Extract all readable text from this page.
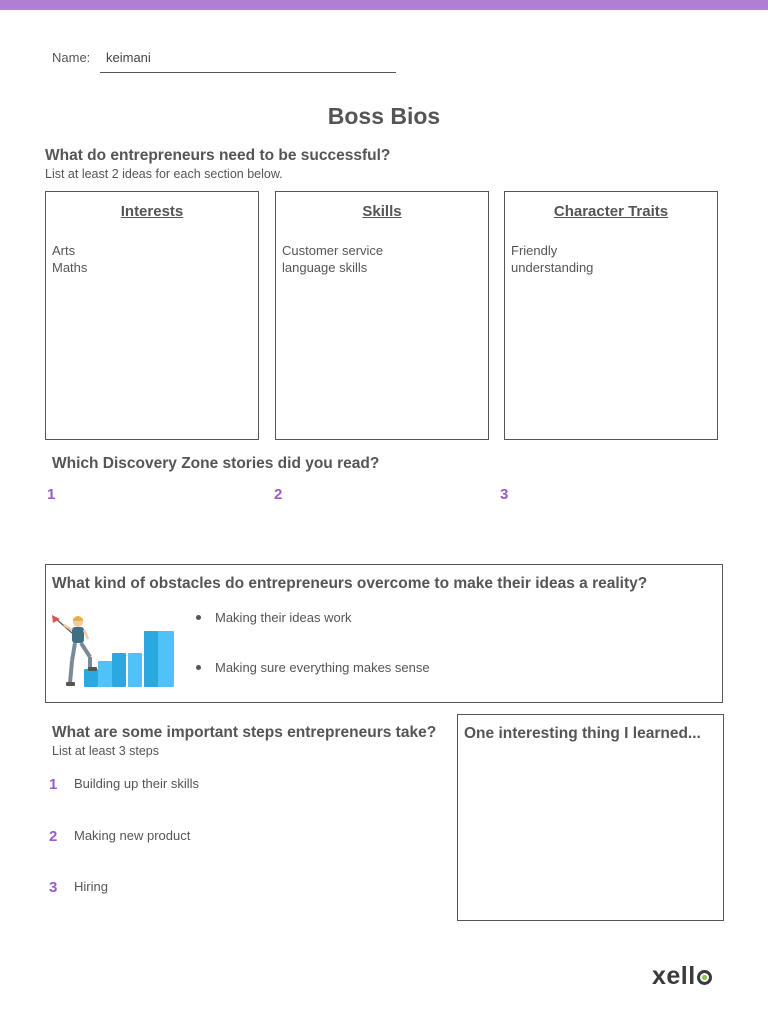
Name: keimani
Boss Bios
What do entrepreneurs need to be successful?
List at least 2 ideas for each section below.
Interests
Arts
Maths
Skills
Customer service
language skills
Character Traits
Friendly
understanding
Which Discovery Zone stories did you read?
1	2	3
What kind of obstacles do entrepreneurs overcome to make their ideas a reality?
Making their ideas work
Making sure everything makes sense
What are some important steps entrepreneurs take?
List at least 3 steps
1 Building up their skills
2 Making new product
3 Hiring
One interesting thing I learned...
xell
